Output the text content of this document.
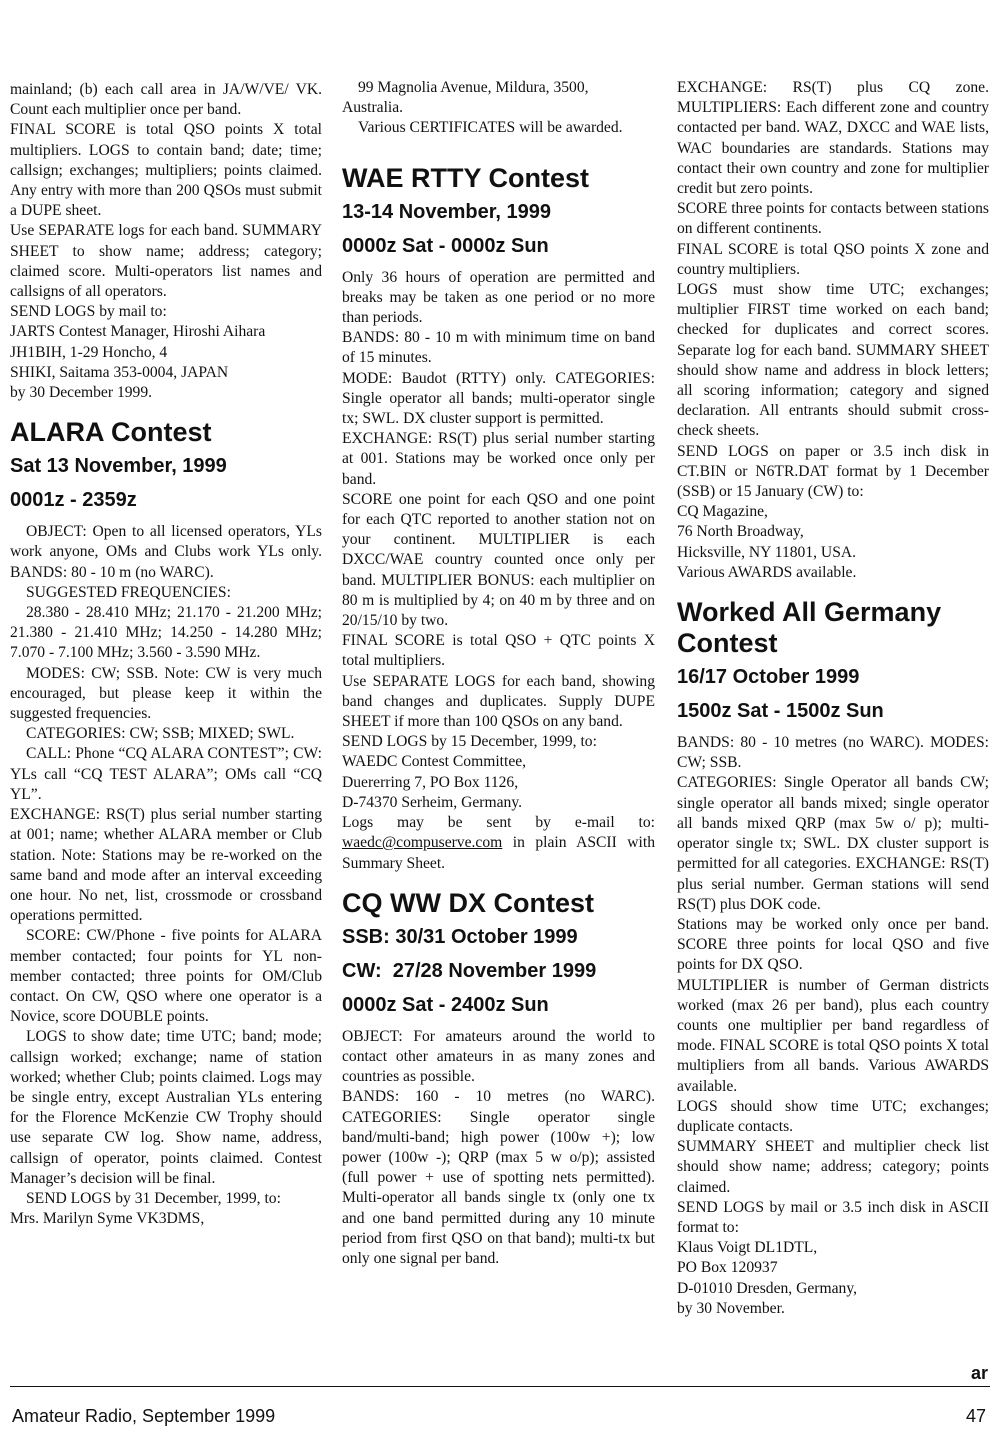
mainland; (b) each call area in JA/W/VE/ VK. Count each multiplier once per band.

FINAL SCORE is total QSO points X total multipliers. LOGS to contain band; date; time; callsign; exchanges; multipliers; points claimed. Any entry with more than 200 QSOs must submit a DUPE sheet.

Use SEPARATE logs for each band. SUMMARY SHEET to show name; address; category; claimed score. Multi-operators list names and callsigns of all operators.

SEND LOGS by mail to:

JARTS Contest Manager, Hiroshi Aihara

JH1BIH, 1-29 Honcho, 4

SHIKI, Saitama 353-0004, JAPAN

by 30 December 1999.

ALARA Contest
Sat 13 November, 1999
0001z - 2359z

OBJECT: Open to all licensed operators, YLs work anyone, OMs and Clubs work YLs only. BANDS: 80 - 10 m (no WARC).

SUGGESTED FREQUENCIES:

28.380 - 28.410 MHz; 21.170 - 21.200 MHz; 21.380 - 21.410 MHz; 14.250 - 14.280 MHz; 7.070 - 7.100 MHz; 3.560 - 3.590 MHz.

MODES: CW; SSB. Note: CW is very much encouraged, but please keep it within the suggested frequencies.

CATEGORIES: CW; SSB; MIXED; SWL.

CALL: Phone “CQ ALARA CONTEST”; CW: YLs call “CQ TEST ALARA”; OMs call “CQ YL”.

EXCHANGE: RS(T) plus serial number starting at 001; name; whether ALARA member or Club station. Note: Stations may be re-worked on the same band and mode after an interval exceeding one hour. No net, list, crossmode or crossband operations permitted.

SCORE: CW/Phone - five points for ALARA member contacted; four points for YL non-member contacted; three points for OM/Club contact. On CW, QSO where one operator is a Novice, score DOUBLE points.

LOGS to show date; time UTC; band; mode; callsign worked; exchange; name of station worked; whether Club; points claimed. Logs may be single entry, except Australian YLs entering for the Florence McKenzie CW Trophy should use separate CW log. Show name, address, callsign of operator, points claimed. Contest Manager’s decision will be final.

SEND LOGS by 31 December, 1999, to:

Mrs. Marilyn Syme VK3DMS,

99 Magnolia Avenue, Mildura, 3500,

Australia.

Various CERTIFICATES will be awarded.

WAE RTTY Contest
13-14 November, 1999
0000z Sat - 0000z Sun

Only 36 hours of operation are permitted and breaks may be taken as one period or no more than periods.

BANDS: 80 - 10 m with minimum time on band of 15 minutes.

MODE: Baudot (RTTY) only. CATEGORIES: Single operator all bands; multi-operator single tx; SWL. DX cluster support is permitted.

EXCHANGE: RS(T) plus serial number starting at 001. Stations may be worked once only per band.

SCORE one point for each QSO and one point for each QTC reported to another station not on your continent. MULTIPLIER is each DXCC/WAE country counted once only per band. MULTIPLIER BONUS: each multiplier on 80 m is multiplied by 4; on 40 m by three and on 20/15/10 by two.

FINAL SCORE is total QSO + QTC points X total multipliers.

Use SEPARATE LOGS for each band, showing band changes and duplicates. Supply DUPE SHEET if more than 100 QSOs on any band.

SEND LOGS by 15 December, 1999, to:

WAEDC Contest Committee,

Duererring 7, PO Box 1126,

D-74370 Serheim, Germany.

Logs may be sent by e-mail to: waedc@compuserve.com in plain ASCII with Summary Sheet.

CQ WW DX Contest
SSB: 30/31 October 1999
CW:  27/28 November 1999
0000z Sat - 2400z Sun

OBJECT: For amateurs around the world to contact other amateurs in as many zones and countries as possible.

BANDS: 160 - 10 metres (no WARC). CATEGORIES: Single operator single band/multi-band; high power (100w +); low power (100w -); QRP (max 5 w o/p); assisted (full power + use of spotting nets permitted). Multi-operator all bands single tx (only one tx and one band permitted during any 10 minute period from first QSO on that band); multi-tx but only one signal per band.

EXCHANGE: RS(T) plus CQ zone. MULTIPLIERS: Each different zone and country contacted per band. WAZ, DXCC and WAE lists, WAC boundaries are standards. Stations may contact their own country and zone for multiplier credit but zero points.

SCORE three points for contacts between stations on different continents.

FINAL SCORE is total QSO points X zone and country multipliers.

LOGS must show time UTC; exchanges; multiplier FIRST time worked on each band; checked for duplicates and correct scores. Separate log for each band. SUMMARY SHEET should show name and address in block letters; all scoring information; category and signed declaration. All entrants should submit cross-check sheets.

SEND LOGS on paper or 3.5 inch disk in CT.BIN or N6TR.DAT format by 1 December (SSB) or 15 January (CW) to:

CQ Magazine,

76 North Broadway,

Hicksville, NY 11801, USA.

Various AWARDS available.

Worked All Germany Contest
16/17 October 1999
1500z Sat - 1500z Sun

BANDS: 80 - 10 metres (no WARC). MODES: CW; SSB.

CATEGORIES: Single Operator all bands CW; single operator all bands mixed; single operator all bands mixed QRP (max 5w o/ p); multi-operator single tx; SWL. DX cluster support is permitted for all categories. EXCHANGE: RS(T) plus serial number. German stations will send RS(T) plus DOK code.

Stations may be worked only once per band. SCORE three points for local QSO and five points for DX QSO.

MULTIPLIER is number of German districts worked (max 26 per band), plus each country counts one multiplier per band regardless of mode. FINAL SCORE is total QSO points X total multipliers from all bands. Various AWARDS available.

LOGS should show time UTC; exchanges; duplicate contacts.

SUMMARY SHEET and multiplier check list should show name; address; category; points claimed.

SEND LOGS by mail or 3.5 inch disk in ASCII format to:

Klaus Voigt DL1DTL,

PO Box 120937

D-01010 Dresden, Germany,

by 30 November.

ar
Amateur Radio, September 1999	47
